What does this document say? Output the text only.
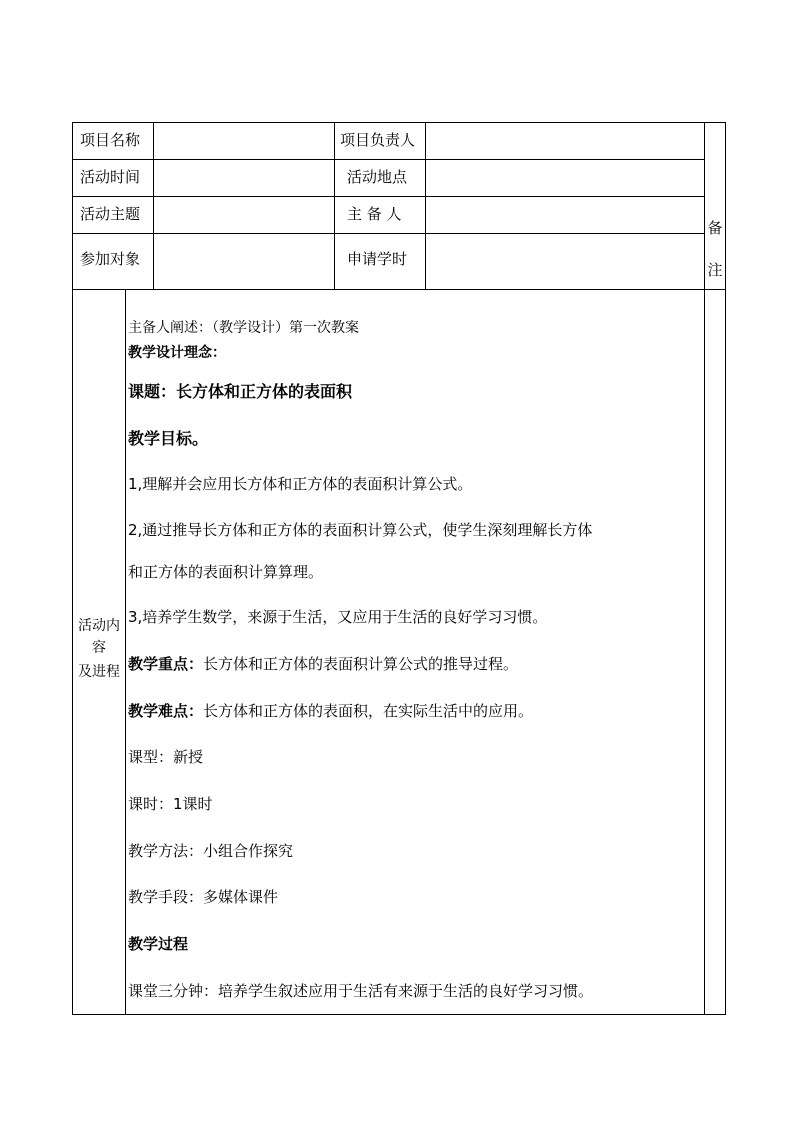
项目名称	项目负责人
活动时间	活动地点
活动主题	主 备 人
参加对象	申请学时
备
注
活动内
容
及进程
主备人阐述：（教学设计）第一次教案
教学设计理念：
课题：长方体和正方体的表面积
教学目标。
1,理解并会应用长方体和正方体的表面积计算公式。
2,通过推导长方体和正方体的表面积计算公式，使学生深刻理解长方体
和正方体的表面积计算算理。
3,培养学生数学，来源于生活，又应用于生活的良好学习习惯。
教学重点：长方体和正方体的表面积计算公式的推导过程。
教学难点：长方体和正方体的表面积，在实际生活中的应用。
课型：新授
课时：1课时
教学方法：小组合作探究
教学手段：多媒体课件
教学过程
课堂三分钟：培养学生叙述应用于生活有来源于生活的良好学习习惯。
